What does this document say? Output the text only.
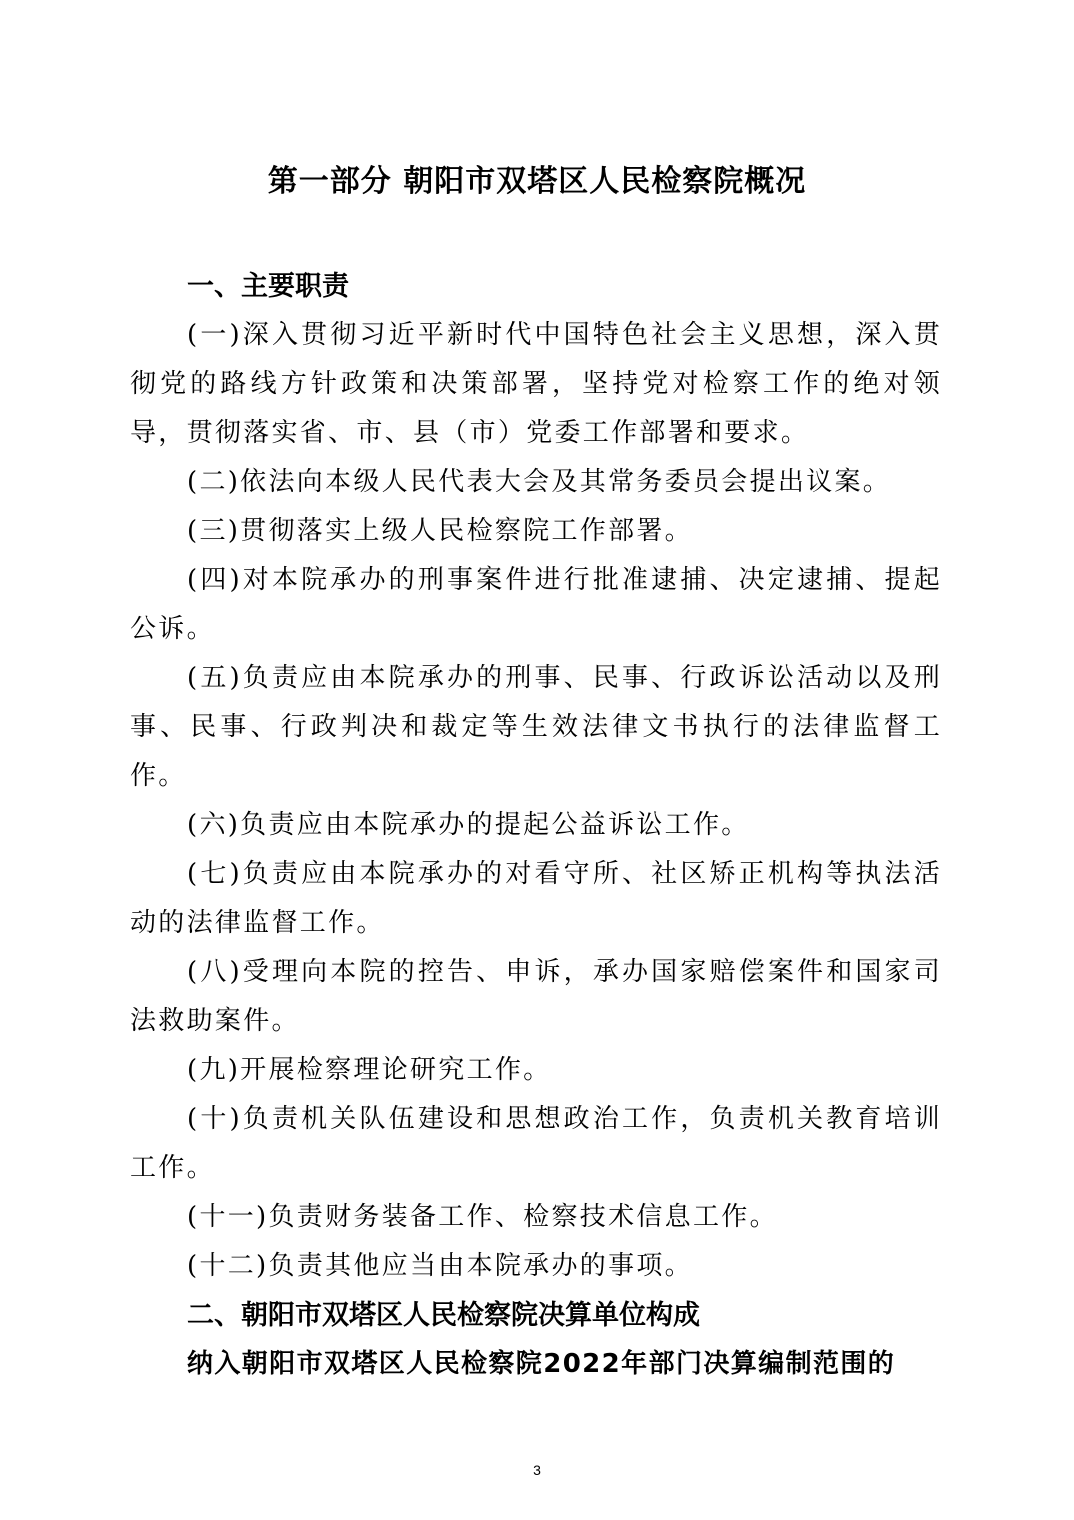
第一部分 朝阳市双塔区人民检察院概况

一、主要职责

(一)深入贯彻习近平新时代中国特色社会主义思想，深入贯彻党的路线方针政策和决策部署，坚持党对检察工作的绝对领导，贯彻落实省、市、县（市）党委工作部署和要求。

(二)依法向本级人民代表大会及其常务委员会提出议案。

(三)贯彻落实上级人民检察院工作部署。

(四)对本院承办的刑事案件进行批准逮捕、决定逮捕、提起公诉。

(五)负责应由本院承办的刑事、民事、行政诉讼活动以及刑事、民事、行政判决和裁定等生效法律文书执行的法律监督工作。

(六)负责应由本院承办的提起公益诉讼工作。

(七)负责应由本院承办的对看守所、社区矫正机构等执法活动的法律监督工作。

(八)受理向本院的控告、申诉，承办国家赔偿案件和国家司法救助案件。

(九)开展检察理论研究工作。

(十)负责机关队伍建设和思想政治工作，负责机关教育培训工作。

(十一)负责财务装备工作、检察技术信息工作。

(十二)负责其他应当由本院承办的事项。

二、朝阳市双塔区人民检察院决算单位构成

纳入朝阳市双塔区人民检察院2022年部门决算编制范围的

3
